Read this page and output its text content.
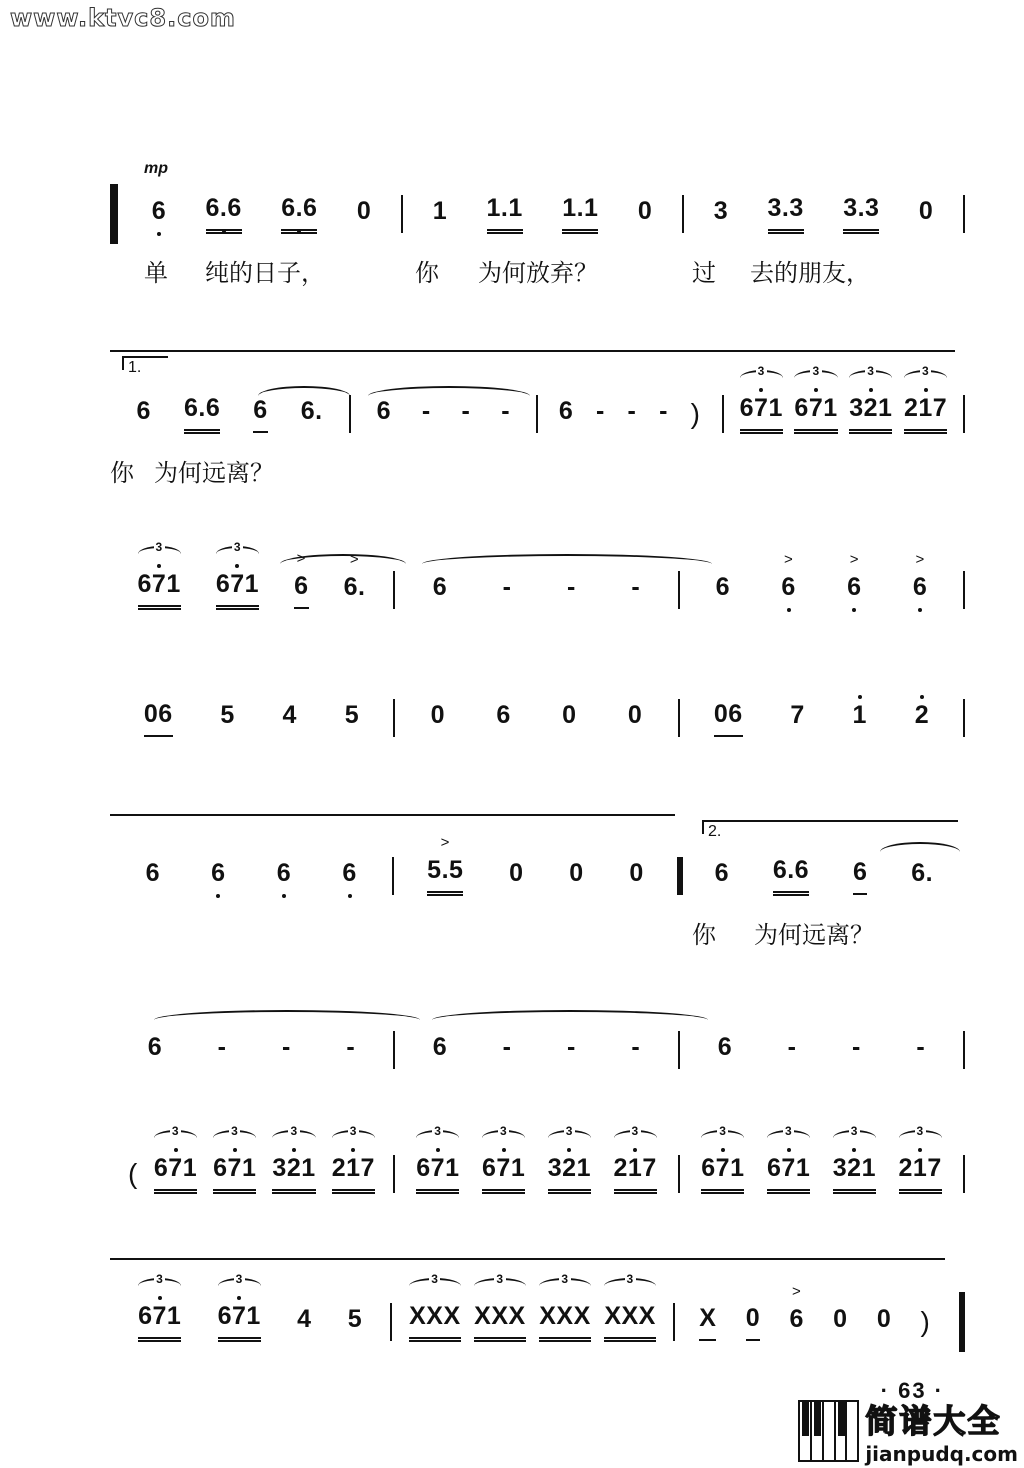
www.ktvc8.com
mp
6 6.6 6.6 0 1 1.1 1.1 0 3 3.3 3.3 0
单 纯的日子，	你 为何放弃？	过 去的朋友，
1.
6 6.6 6 6. 6 - - - 6 - - - )
3
671
3
671
3
321
3
217
你 为何远离？
3
671
3
671
>
6
>
6.	6 - - -	6
>
6
>
6
>
6
06 5 4 5	0 6 0 0	06 7 1 2
2.
6 6 6 6
>
5.5 0 0 0	6 6.6 6 6.
你 为何远离？
6 - - -	6 - - -	6 - - -
(
3
671
3
671
3
321
3
217
3
671
3
671
3
321
3
217
3
671
3
671
3
321
3
217
3
671
3
671 4 5
3
XXX
3
XXX
3
XXX
3
XXX X 0
>
6 0 0 )
· 63 ·
简谱大全
jianpudq.com
